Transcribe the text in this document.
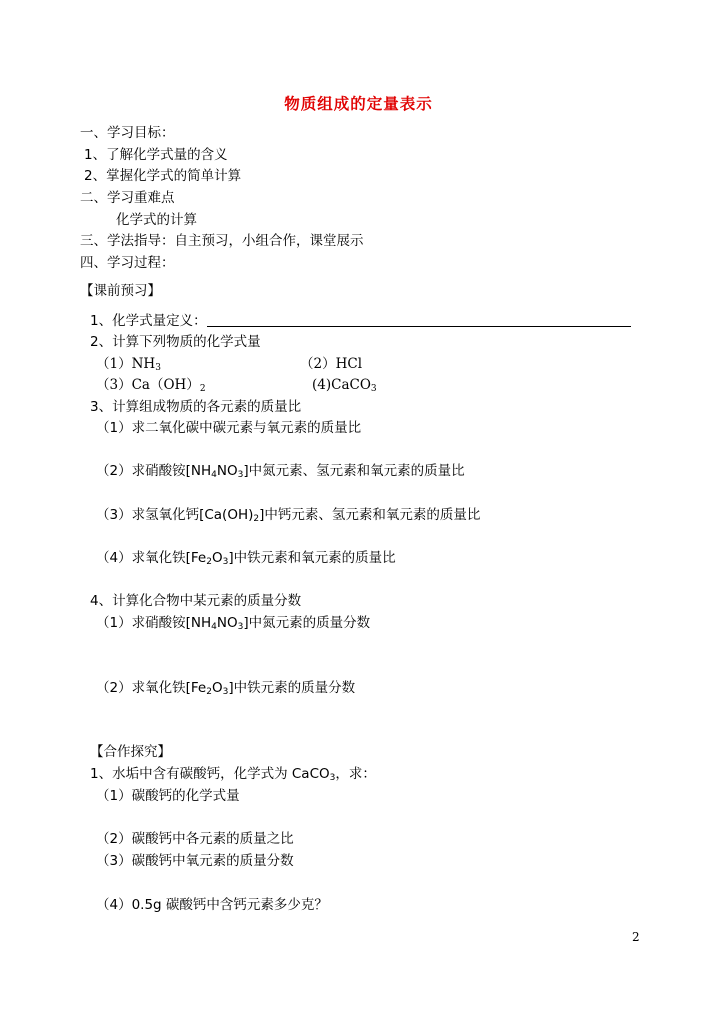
物质组成的定量表示
一、学习目标：
1、了解化学式量的含义
2、掌握化学式的简单计算
二、学习重难点
化学式的计算
三、学法指导：自主预习，小组合作，课堂展示
四、学习过程：
【课前预习】
1、化学式量定义：
2、计算下列物质的化学式量
$(1)NH_3$	（2）HCl
$(3)Ca(OH)_2$	(4)CaCO$_3$
3、计算组成物质的各元素的质量比
（1）求二氧化碳中碳元素与氧元素的质量比
（2）求硝酸铵$[NH_4NO_3]$中氮元素、氢元素和氧元素的质量比
（3）求氢氧化钙$[Ca(OH)_2]$中钙元素、氢元素和氧元素的质量比
（4）求氧化铁$[Fe_2O_3]$中铁元素和氧元素的质量比
4、计算化合物中某元素的质量分数
（1）求硝酸铵$[NH_4NO_3]$中氮元素的质量分数
（2）求氧化铁$[Fe_2O_3]$中铁元素的质量分数
【合作探究】
1、水垢中含有碳酸钙，化学式为 CaCO$_3$，求：
（1）碳酸钙的化学式量
（2）碳酸钙中各元素的质量之比
（3）碳酸钙中氧元素的质量分数
（4）0.5g 碳酸钙中含钙元素多少克？
2
